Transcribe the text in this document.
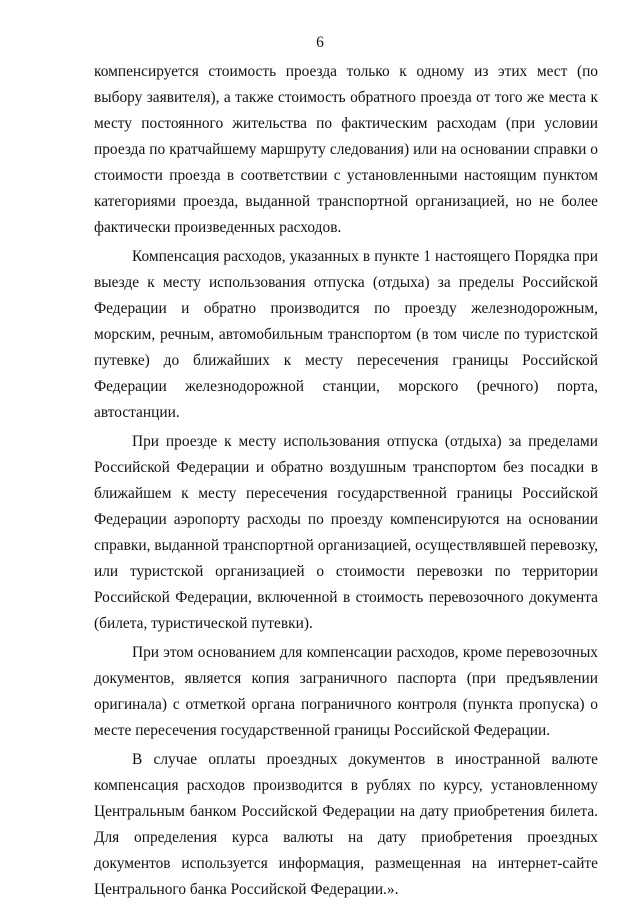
6

компенсируется стоимость проезда только к одному из этих мест (по выбору заявителя), а также стоимость обратного проезда от того же места к месту постоянного жительства по фактическим расходам (при условии проезда по кратчайшему маршруту следования) или на основании справки о стоимости проезда в соответствии с установленными настоящим пунктом категориями проезда, выданной транспортной организацией, но не более фактически произведенных расходов.

Компенсация расходов, указанных в пункте 1 настоящего Порядка при выезде к месту использования отпуска (отдыха) за пределы Российской Федерации и обратно производится по проезду железнодорожным, морским, речным, автомобильным транспортом (в том числе по туристской путевке) до ближайших к месту пересечения границы Российской Федерации железнодорожной станции, морского (речного) порта, автостанции.

При проезде к месту использования отпуска (отдыха) за пределами Российской Федерации и обратно воздушным транспортом без посадки в ближайшем к месту пересечения государственной границы Российской Федерации аэропорту расходы по проезду компенсируются на основании справки, выданной транспортной организацией, осуществлявшей перевозку, или туристской организацией о стоимости перевозки по территории Российской Федерации, включенной в стоимость перевозочного документа (билета, туристической путевки).

При этом основанием для компенсации расходов, кроме перевозочных документов, является копия заграничного паспорта (при предъявлении оригинала) с отметкой органа пограничного контроля (пункта пропуска) о месте пересечения государственной границы Российской Федерации.

В случае оплаты проездных документов в иностранной валюте компенсация расходов производится в рублях по курсу, установленному Центральным банком Российской Федерации на дату приобретения билета. Для определения курса валюты на дату приобретения проездных документов используется информация, размещенная на интернет-сайте Центрального банка Российской Федерации.».
